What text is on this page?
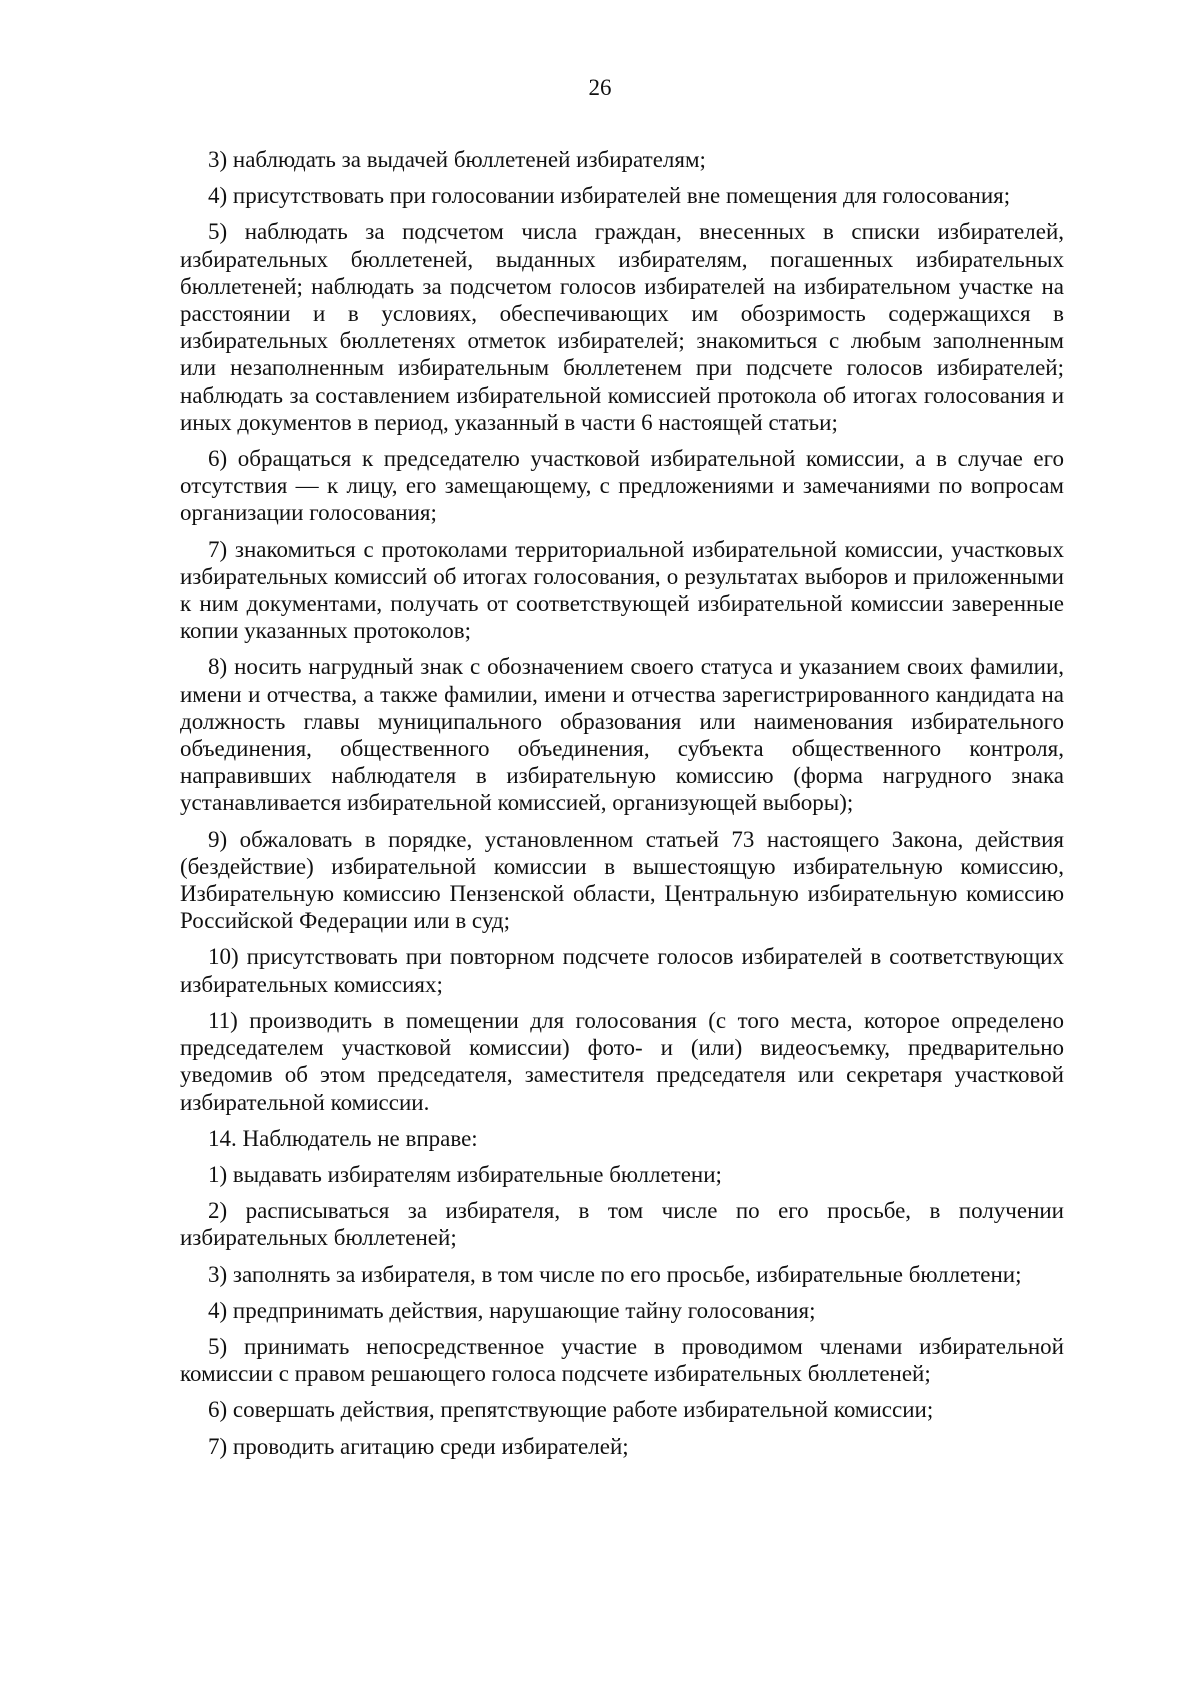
26

3) наблюдать за выдачей бюллетеней избирателям;

4) присутствовать при голосовании избирателей вне помещения для голосования;

5) наблюдать за подсчетом числа граждан, внесенных в списки избирателей, избирательных бюллетеней, выданных избирателям, погашенных избирательных бюллетеней; наблюдать за подсчетом голосов избирателей на избирательном участке на расстоянии и в условиях, обеспечивающих им обозримость содержащихся в избирательных бюллетенях отметок избирателей; знакомиться с любым заполненным или незаполненным избирательным бюллетенем при подсчете голосов избирателей; наблюдать за составлением избирательной комиссией протокола об итогах голосования и иных документов в период, указанный в части 6 настоящей статьи;

6) обращаться к председателю участковой избирательной комиссии, а в случае его отсутствия — к лицу, его замещающему, с предложениями и замечаниями по вопросам организации голосования;

7) знакомиться с протоколами территориальной избирательной комиссии, участковых избирательных комиссий об итогах голосования, о результатах выборов и приложенными к ним документами, получать от соответствующей избирательной комиссии заверенные копии указанных протоколов;

8) носить нагрудный знак с обозначением своего статуса и указанием своих фамилии, имени и отчества, а также фамилии, имени и отчества зарегистрированного кандидата на должность главы муниципального образования или наименования избирательного объединения, общественного объединения, субъекта общественного контроля, направивших наблюдателя в избирательную комиссию (форма нагрудного знака устанавливается избирательной комиссией, организующей выборы);

9) обжаловать в порядке, установленном статьей 73 настоящего Закона, действия (бездействие) избирательной комиссии в вышестоящую избирательную комиссию, Избирательную комиссию Пензенской области, Центральную избирательную комиссию Российской Федерации или в суд;

10) присутствовать при повторном подсчете голосов избирателей в соответствующих избирательных комиссиях;

11) производить в помещении для голосования (с того места, которое определено председателем участковой комиссии) фото- и (или) видеосъемку, предварительно уведомив об этом председателя, заместителя председателя или секретаря участковой избирательной комиссии.

14. Наблюдатель не вправе:

1) выдавать избирателям избирательные бюллетени;

2) расписываться за избирателя, в том числе по его просьбе, в получении избирательных бюллетеней;

3) заполнять за избирателя, в том числе по его просьбе, избирательные бюллетени;

4) предпринимать действия, нарушающие тайну голосования;

5) принимать непосредственное участие в проводимом членами избирательной комиссии с правом решающего голоса подсчете избирательных бюллетеней;

6) совершать действия, препятствующие работе избирательной комиссии;

7) проводить агитацию среди избирателей;
